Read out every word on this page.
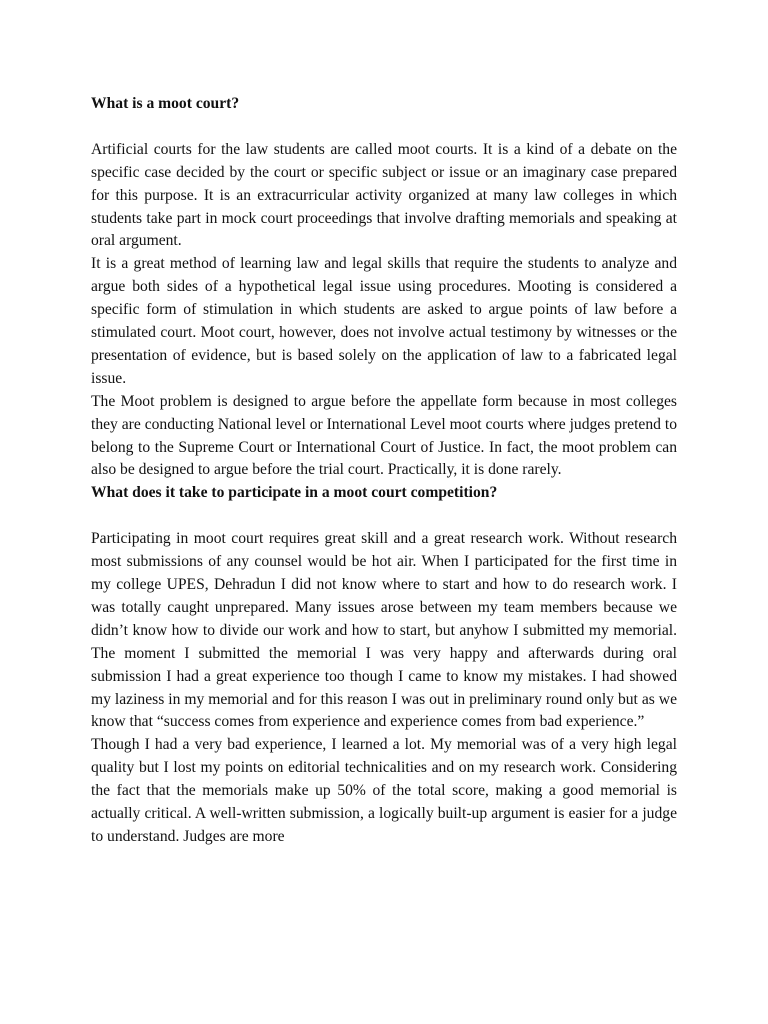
What is a moot court?

Artificial courts for the law students are called moot courts. It is a kind of a debate on the specific case decided by the court or specific subject or issue or an imaginary case prepared for this purpose. It is an extracurricular activity organized at many law colleges in which students take part in mock court proceedings that involve drafting memorials and speaking at oral argument.

It is a great method of learning law and legal skills that require the students to analyze and argue both sides of a hypothetical legal issue using procedures. Mooting is considered a specific form of stimulation in which students are asked to argue points of law before a stimulated court. Moot court, however, does not involve actual testimony by witnesses or the presentation of evidence, but is based solely on the application of law to a fabricated legal issue.

The Moot problem is designed to argue before the appellate form because in most colleges they are conducting National level or International Level moot courts where judges pretend to belong to the Supreme Court or International Court of Justice. In fact, the moot problem can also be designed to argue before the trial court. Practically, it is done rarely.

What does it take to participate in a moot court competition?

Participating in moot court requires great skill and a great research work. Without research most submissions of any counsel would be hot air. When I participated for the first time in my college UPES, Dehradun I did not know where to start and how to do research work. I was totally caught unprepared. Many issues arose between my team members because we didn’t know how to divide our work and how to start, but anyhow I submitted my memorial. The moment I submitted the memorial I was very happy and afterwards during oral submission I had a great experience too though I came to know my mistakes. I had showed my laziness in my memorial and for this reason I was out in preliminary round only but as we know that “success comes from experience and experience comes from bad experience.”

Though I had a very bad experience, I learned a lot. My memorial was of a very high legal quality but I lost my points on editorial technicalities and on my research work. Considering the fact that the memorials make up 50% of the total score, making a good memorial is actually critical. A well-written submission, a logically built-up argument is easier for a judge to understand. Judges are more
